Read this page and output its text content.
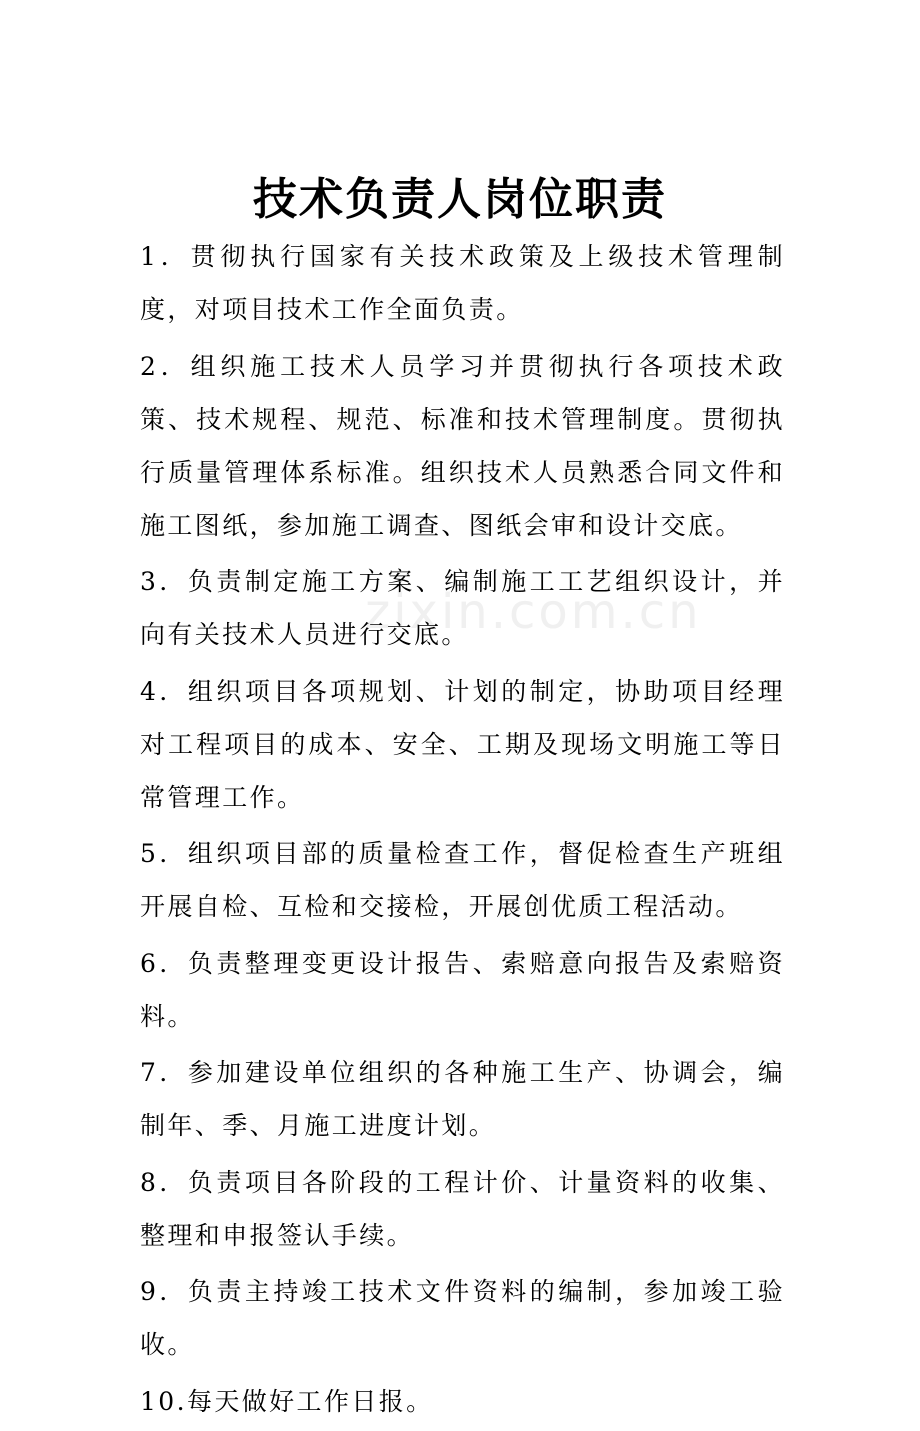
zixin.com.cn
技术负责人岗位职责

1．贯彻执行国家有关技术政策及上级技术管理制度，对项目技术工作全面负责。

2．组织施工技术人员学习并贯彻执行各项技术政策、技术规程、规范、标准和技术管理制度。贯彻执行质量管理体系标准。组织技术人员熟悉合同文件和施工图纸，参加施工调查、图纸会审和设计交底。

3．负责制定施工方案、编制施工工艺组织设计，并向有关技术人员进行交底。

4．组织项目各项规划、计划的制定，协助项目经理对工程项目的成本、安全、工期及现场文明施工等日常管理工作。

5．组织项目部的质量检查工作，督促检查生产班组开展自检、互检和交接检，开展创优质工程活动。

6．负责整理变更设计报告、索赔意向报告及索赔资料。

7．参加建设单位组织的各种施工生产、协调会，编制年、季、月施工进度计划。

8．负责项目各阶段的工程计价、计量资料的收集、整理和申报签认手续。

9．负责主持竣工技术文件资料的编制，参加竣工验收。

10.每天做好工作日报。
